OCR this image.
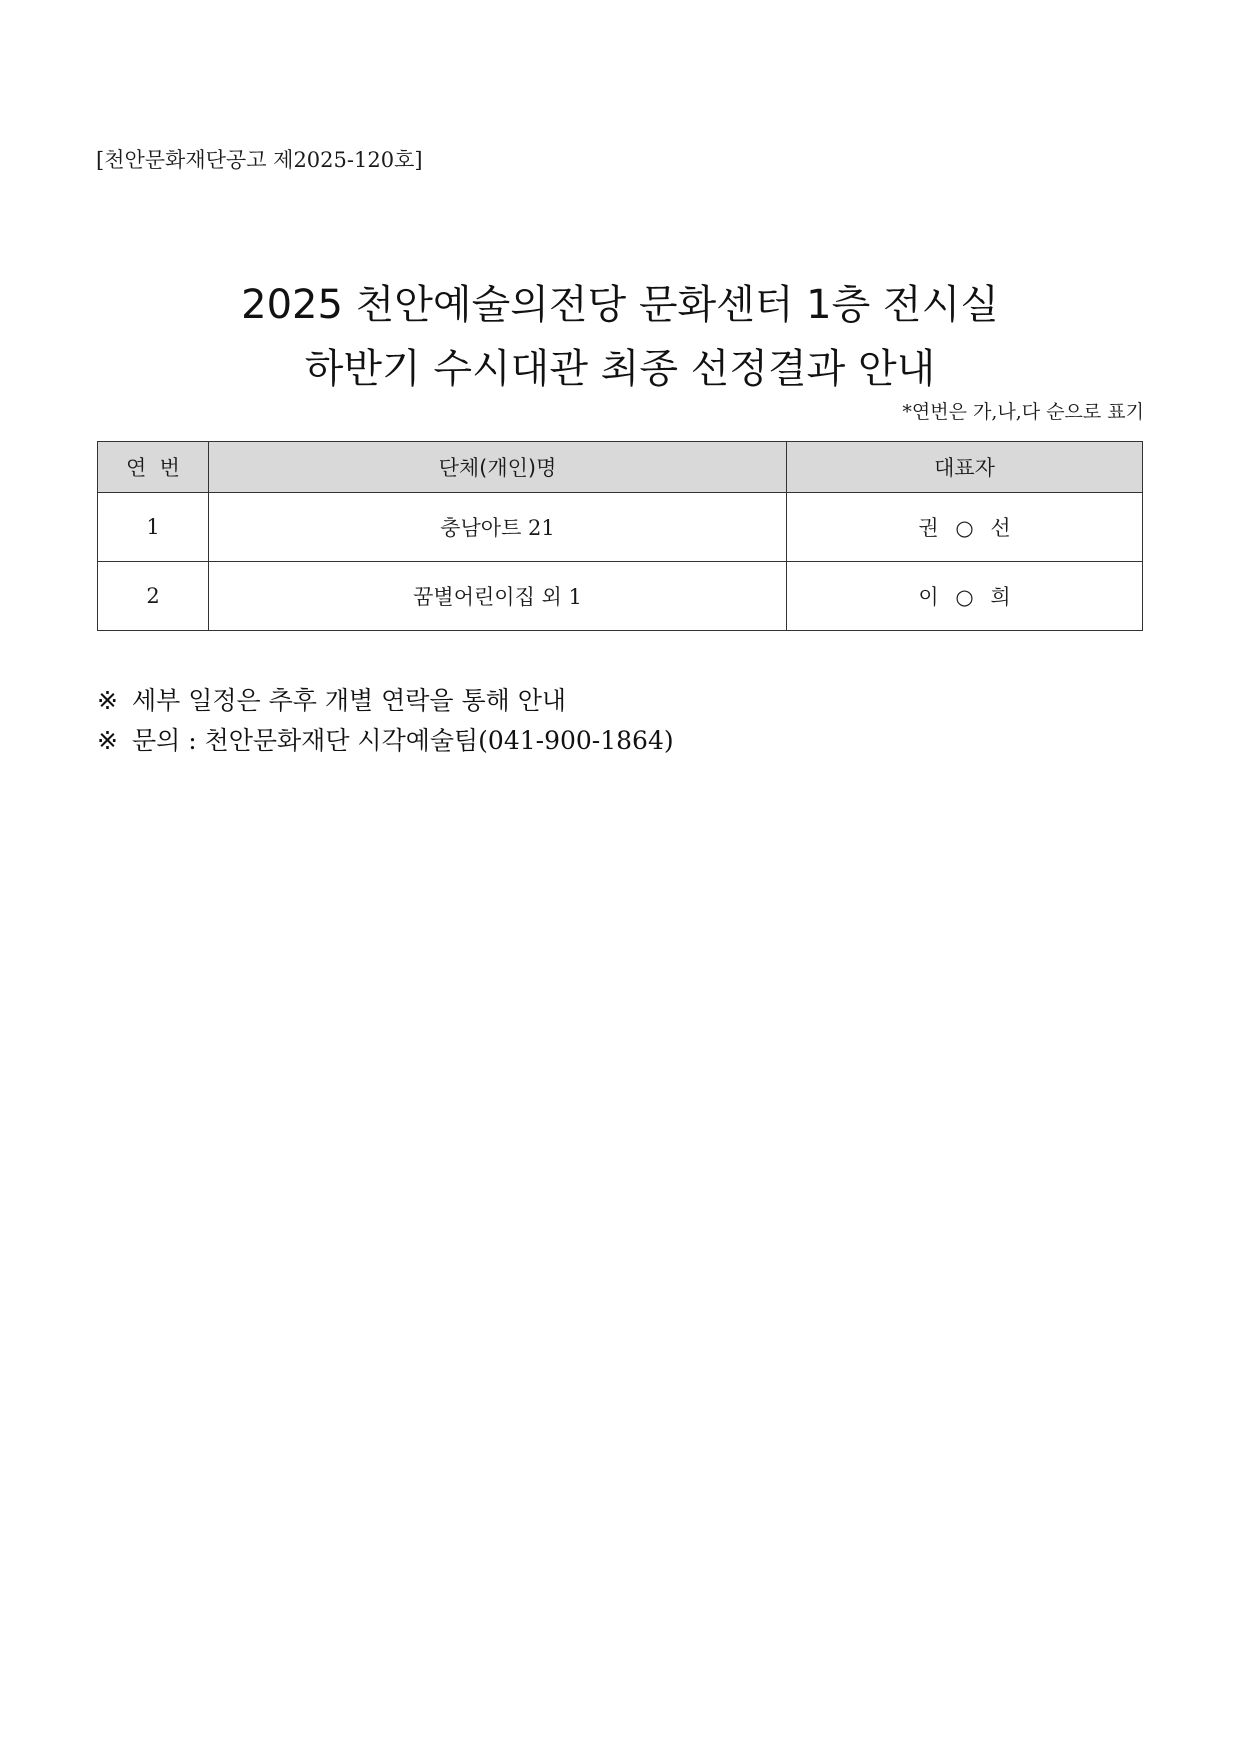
[천안문화재단공고 제2025-120호]
2025 천안예술의전당 문화센터 1층 전시실
하반기 수시대관 최종 선정결과 안내
*연번은 가,나,다 순으로 표기
연  번	단체(개인)명	대표자
1	충남아트 21	권 ○ 선
2	꿈별어린이집 외 1	이 ○ 희
※ 세부 일정은 추후 개별 연락을 통해 안내
※ 문의 : 천안문화재단 시각예술팀(041-900-1864)
